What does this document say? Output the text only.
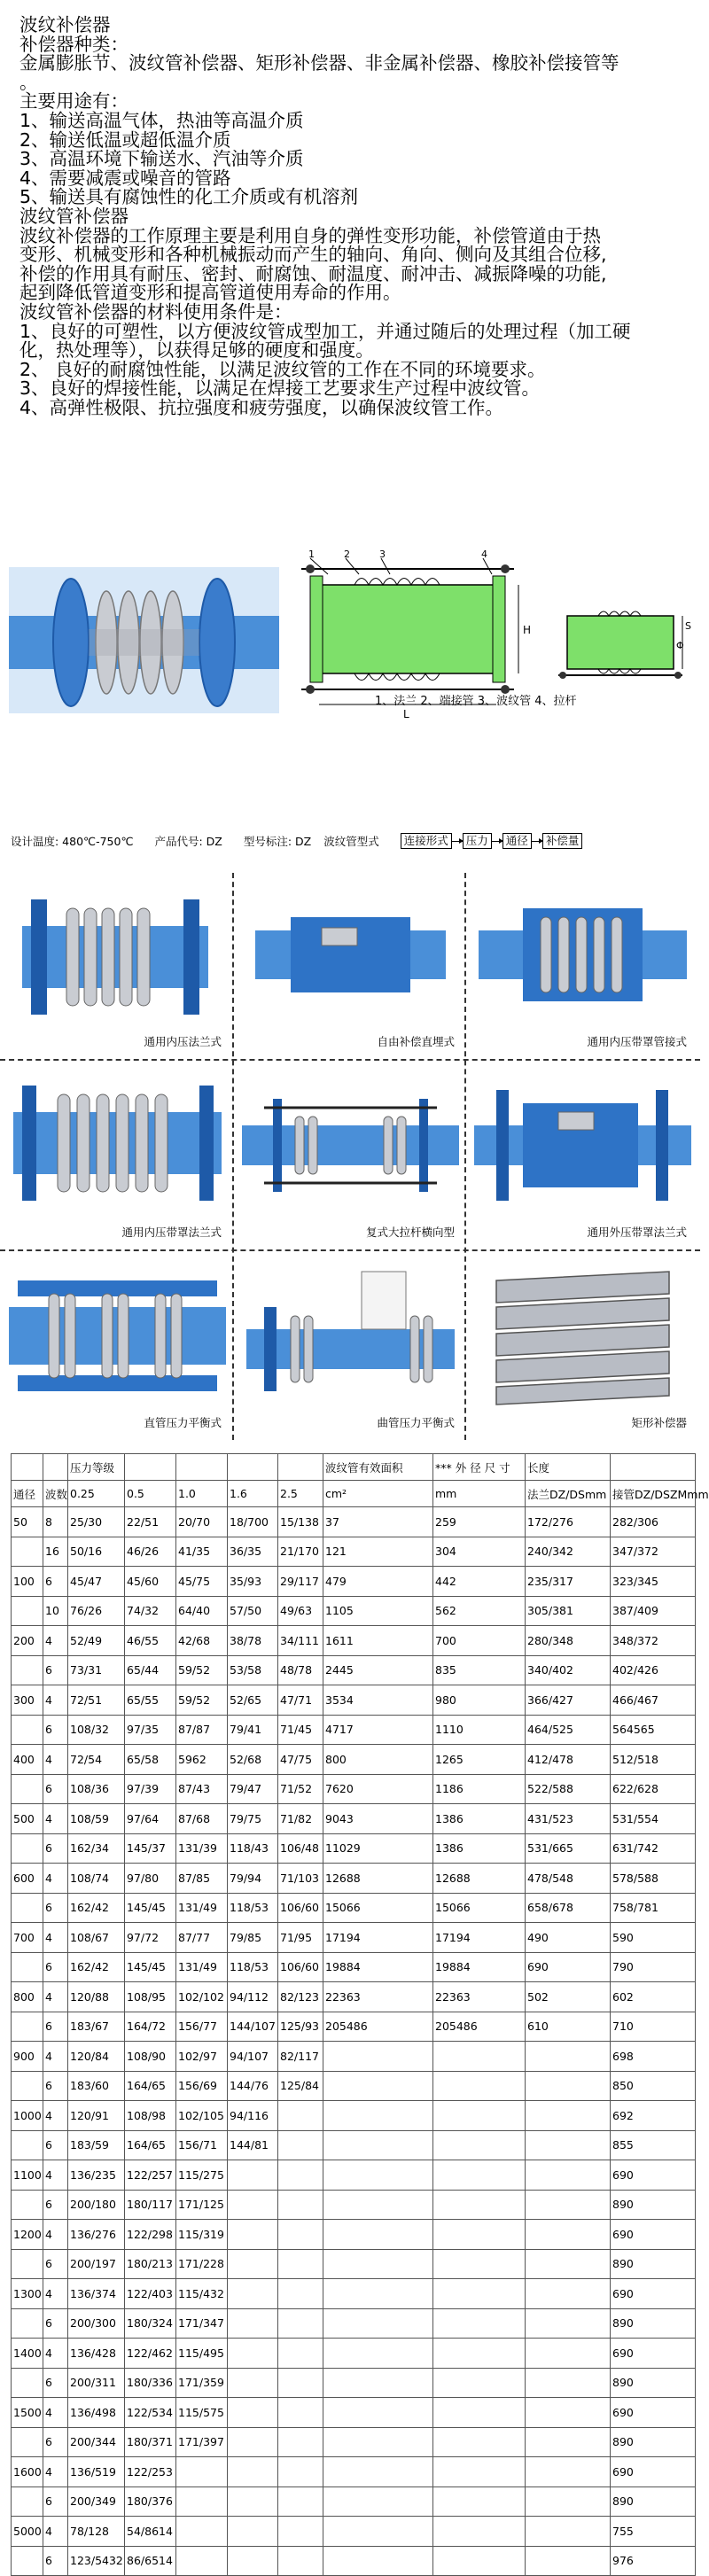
波纹补偿器

补偿器种类：

金属膨胀节、波纹管补偿器、矩形补偿器、非金属补偿器、橡胶补偿接管等

。

主要用途有：

1、输送高温气体，热油等高温介质

2、输送低温或超低温介质

3、高温环境下输送水、汽油等介质

4、需要减震或噪音的管路

5、输送具有腐蚀性的化工介质或有机溶剂

波纹管补偿器

波纹补偿器的工作原理主要是利用自身的弹性变形功能，补偿管道由于热

变形、机械变形和各种机械振动而产生的轴向、角向、侧向及其组合位移,

补偿的作用具有耐压、密封、耐腐蚀、耐温度、耐冲击、减振降噪的功能,

起到降低管道变形和提高管道使用寿命的作用。

波纹管补偿器的材料使用条件是：

1、良好的可塑性，以方便波纹管成型加工，并通过随后的处理过程（加工硬

化，热处理等），以获得足够的硬度和强度。

2、 良好的耐腐蚀性能，以满足波纹管的工作在不同的环境要求。

3、良好的焊接性能，以满足在焊接工艺要求生产过程中波纹管。

4、高弹性极限、抗拉强度和疲劳强度，以确保波纹管工作。

1	2	3	4
H
L
S
Φ
1、法兰 2、端接管 3、波纹管 4、拉杆
设计温度: 480℃-750℃ 产品代号: DZ 型号标注: DZ 波纹管型式	连接形式	压力	通径	补偿量
通用内压法兰式	自由补偿直埋式	通用内压带罩管接式
通用内压带罩法兰式	复式大拉杆横向型	通用外压带罩法兰式
直管压力平衡式	曲管压力平衡式	矩形补偿器
		压力等级					波纹管有效面积	*** 外 径 尺 寸	长度	
通径	波数	0.25	0.5	1.0	1.6	2.5	cm²	mm	法兰DZ/DSmm	接管DZ/DSZMmm
50	8	25/30	22/51	20/70	18/700	15/138	37	259	172/276	282/306
	16	50/16	46/26	41/35	36/35	21/170	121	304	240/342	347/372
100	6	45/47	45/60	45/75	35/93	29/117	479	442	235/317	323/345
	10	76/26	74/32	64/40	57/50	49/63	1105	562	305/381	387/409
200	4	52/49	46/55	42/68	38/78	34/111	1611	700	280/348	348/372
	6	73/31	65/44	59/52	53/58	48/78	2445	835	340/402	402/426
300	4	72/51	65/55	59/52	52/65	47/71	3534	980	366/427	466/467
	6	108/32	97/35	87/87	79/41	71/45	4717	1110	464/525	564565
400	4	72/54	65/58	5962	52/68	47/75	800	1265	412/478	512/518
	6	108/36	97/39	87/43	79/47	71/52	7620	1186	522/588	622/628
500	4	108/59	97/64	87/68	79/75	71/82	9043	1386	431/523	531/554
	6	162/34	145/37	131/39	118/43	106/48	11029	1386	531/665	631/742
600	4	108/74	97/80	87/85	79/94	71/103	12688	12688	478/548	578/588
	6	162/42	145/45	131/49	118/53	106/60	15066	15066	658/678	758/781
700	4	108/67	97/72	87/77	79/85	71/95	17194	17194	490	590
	6	162/42	145/45	131/49	118/53	106/60	19884	19884	690	790
800	4	120/88	108/95	102/102	94/112	82/123	22363	22363	502	602
	6	183/67	164/72	156/77	144/107	125/93	205486	205486	610	710
900	4	120/84	108/90	102/97	94/107	82/117				698
	6	183/60	164/65	156/69	144/76	125/84				850
1000	4	120/91	108/98	102/105	94/116					692
	6	183/59	164/65	156/71	144/81					855
1100	4	136/235	122/257	115/275						690
	6	200/180	180/117	171/125						890
1200	4	136/276	122/298	115/319						690
	6	200/197	180/213	171/228						890
1300	4	136/374	122/403	115/432						690
	6	200/300	180/324	171/347						890
1400	4	136/428	122/462	115/495						690
	6	200/311	180/336	171/359						890
1500	4	136/498	122/534	115/575						690
	6	200/344	180/371	171/397						890
1600	4	136/519	122/253							690
	6	200/349	180/376							890
5000	4	78/128	54/8614							755
	6	123/5432	86/6514							976
